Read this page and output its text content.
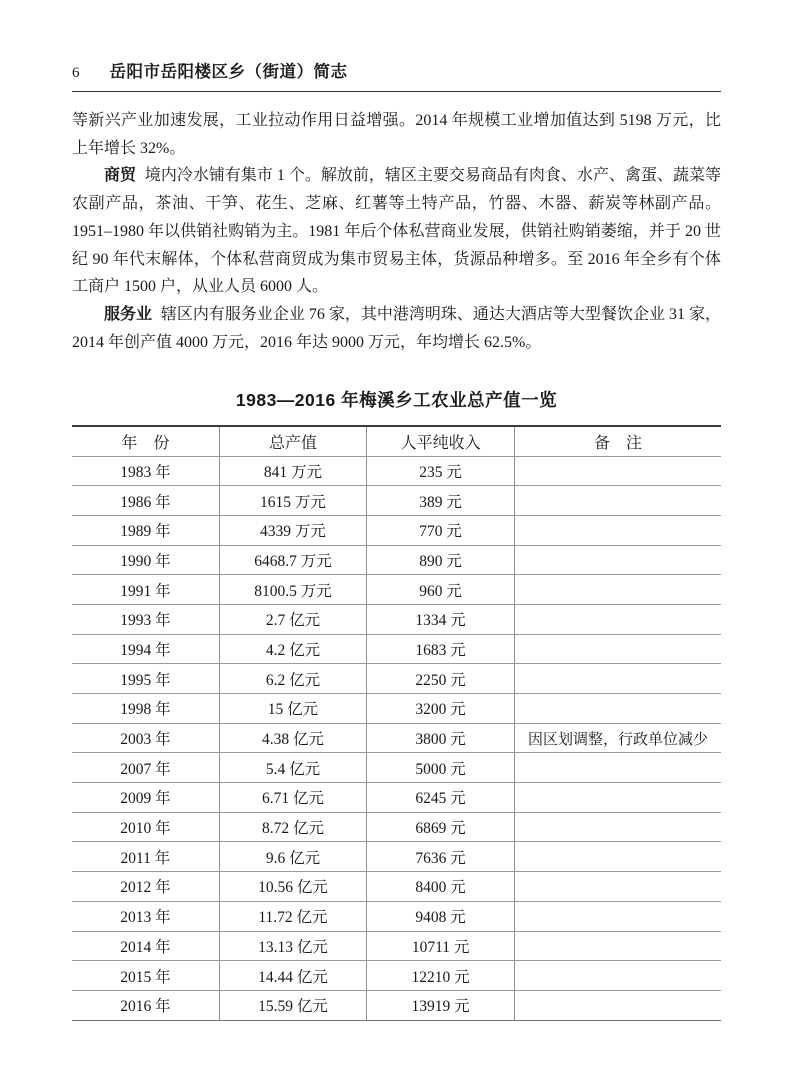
6 岳阳市岳阳楼区乡（街道）简志

等新兴产业加速发展，工业拉动作用日益增强。2014 年规模工业增加值达到 5198 万元，比上年增长 32%。

商贸 境内冷水铺有集市 1 个。解放前，辖区主要交易商品有肉食、水产、禽蛋、蔬菜等农副产品，茶油、干笋、花生、芝麻、红薯等土特产品，竹器、木器、薪炭等林副产品。1951–1980 年以供销社购销为主。1981 年后个体私营商业发展，供销社购销萎缩，并于 20 世纪 90 年代末解体，个体私营商贸成为集市贸易主体，货源品种增多。至 2016 年全乡有个体工商户 1500 户，从业人员 6000 人。

服务业 辖区内有服务业企业 76 家，其中港湾明珠、通达大酒店等大型餐饮企业 31 家，2014 年创产值 4000 万元，2016 年达 9000 万元，年均增长 62.5%。

1983—2016 年梅溪乡工农业总产值一览
年　份	总产值	人平纯收入	备　注
1983 年	841 万元	235 元	
1986 年	1615 万元	389 元	
1989 年	4339 万元	770 元	
1990 年	6468.7 万元	890 元	
1991 年	8100.5 万元	960 元	
1993 年	2.7 亿元	1334 元	
1994 年	4.2 亿元	1683 元	
1995 年	6.2 亿元	2250 元	
1998 年	15 亿元	3200 元	
2003 年	4.38 亿元	3800 元	因区划调整，行政单位减少
2007 年	5.4 亿元	5000 元	
2009 年	6.71 亿元	6245 元	
2010 年	8.72 亿元	6869 元	
2011 年	9.6 亿元	7636 元	
2012 年	10.56 亿元	8400 元	
2013 年	11.72 亿元	9408 元	
2014 年	13.13 亿元	10711 元	
2015 年	14.44 亿元	12210 元	
2016 年	15.59 亿元	13919 元	
